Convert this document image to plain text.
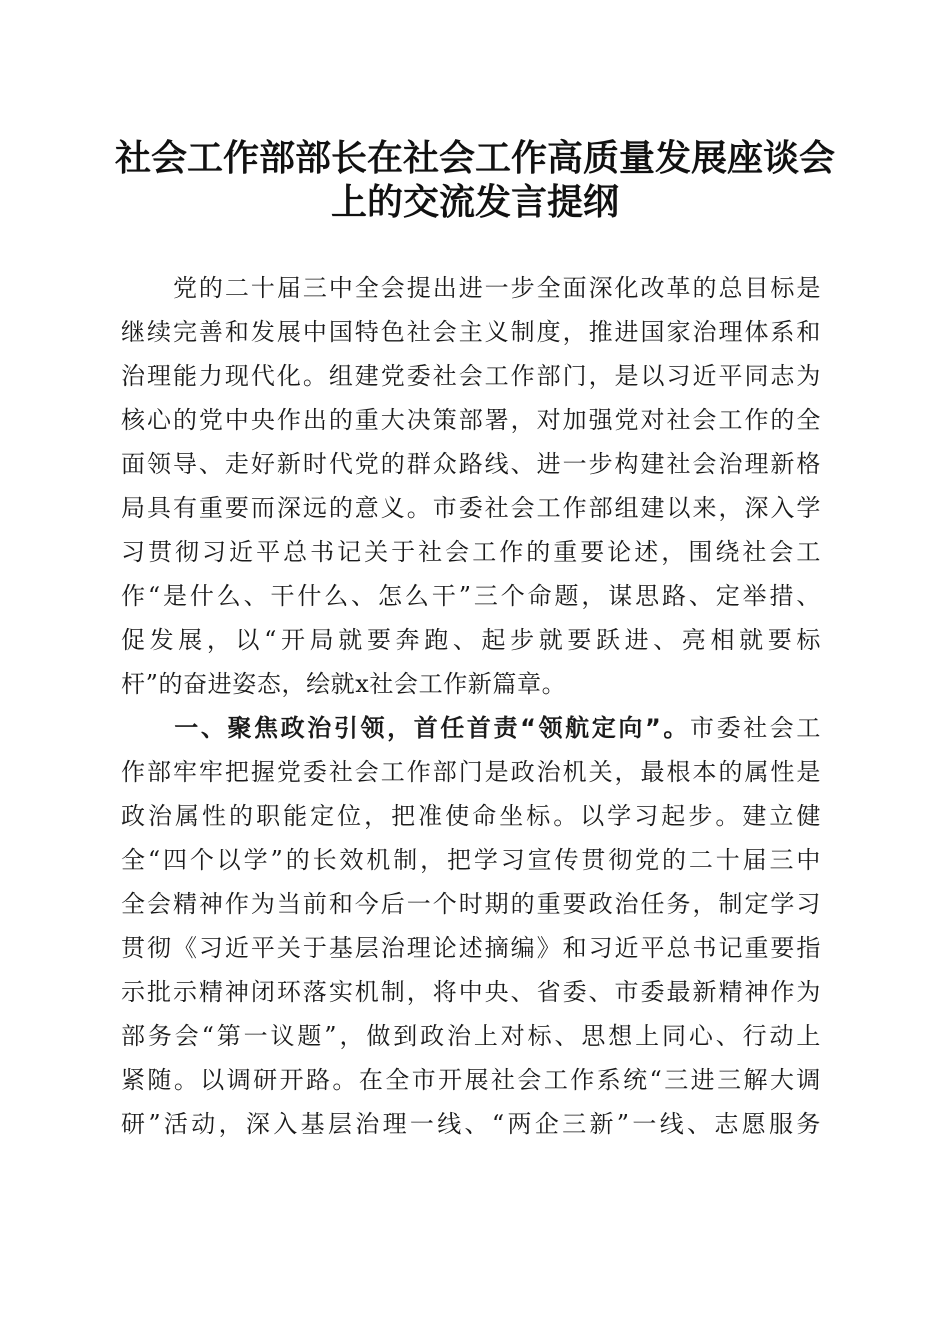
社会工作部部长在社会工作高质量发展座谈会
上的交流发言提纲

　　党的二十届三中全会提出进一步全面深化改革的总目标是
继续完善和发展中国特色社会主义制度，推进国家治理体系和
治理能力现代化。组建党委社会工作部门，是以习近平同志为
核心的党中央作出的重大决策部署，对加强党对社会工作的全
面领导、走好新时代党的群众路线、进一步构建社会治理新格
局具有重要而深远的意义。市委社会工作部组建以来，深入学
习贯彻习近平总书记关于社会工作的重要论述，围绕社会工
作“是什么、干什么、怎么干”三个命题，谋思路、定举措、
促发展，以“开局就要奔跑、起步就要跃进、亮相就要标
杆”的奋进姿态，绘就x社会工作新篇章。

　　一、聚焦政治引领，首任首责“领航定向”。市委社会工
作部牢牢把握党委社会工作部门是政治机关，最根本的属性是
政治属性的职能定位，把准使命坐标。以学习起步。建立健
全“四个以学”的长效机制，把学习宣传贯彻党的二十届三中
全会精神作为当前和今后一个时期的重要政治任务，制定学习
贯彻《习近平关于基层治理论述摘编》和习近平总书记重要指
示批示精神闭环落实机制，将中央、省委、市委最新精神作为
部务会“第一议题”，做到政治上对标、思想上同心、行动上
紧随。以调研开路。在全市开展社会工作系统“三进三解大调
研”活动，深入基层治理一线、“两企三新”一线、志愿服务
